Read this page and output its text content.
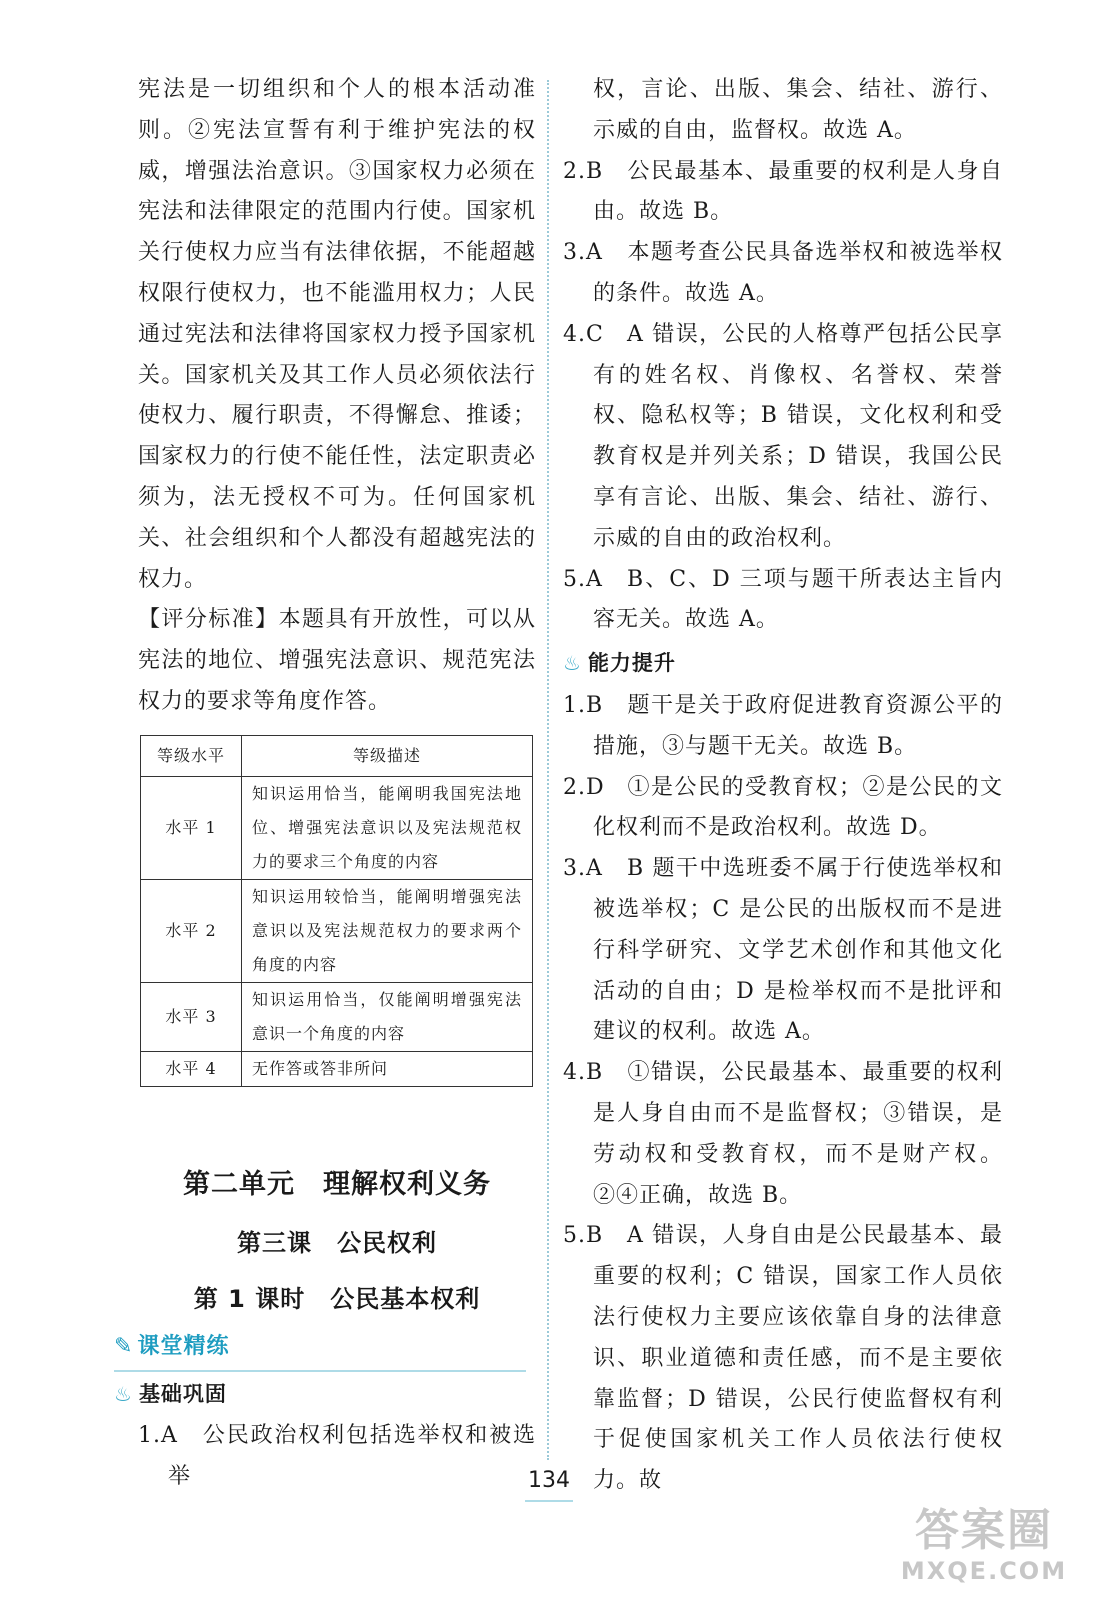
宪法是一切组织和个人的根本活动准则。②宪法宣誓有利于维护宪法的权威，增强法治意识。③国家权力必须在宪法和法律限定的范围内行使。国家机关行使权力应当有法律依据，不能超越权限行使权力，也不能滥用权力；人民通过宪法和法律将国家权力授予国家机关。国家机关及其工作人员必须依法行使权力、履行职责，不得懈怠、推诿；国家权力的行使不能任性，法定职责必须为，法无授权不可为。任何国家机关、社会组织和个人都没有超越宪法的权力。

【评分标准】本题具有开放性，可以从宪法的地位、增强宪法意识、规范宪法权力的要求等角度作答。

等级水平	等级描述
水平 1	知识运用恰当，能阐明我国宪法地位、增强宪法意识以及宪法规范权力的要求三个角度的内容
水平 2	知识运用较恰当，能阐明增强宪法意识以及宪法规范权力的要求两个角度的内容
水平 3	知识运用恰当，仅能阐明增强宪法意识一个角度的内容
水平 4	无作答或答非所问
第二单元　理解权利义务
第三课　公民权利
第 1 课时　公民基本权利
✎ 课堂精练
♨ 基础巩固

1.A 公民政治权利包括选举权和被选举

权，言论、出版、集会、结社、游行、示威的自由，监督权。故选 A。

2.B 公民最基本、最重要的权利是人身自由。故选 B。

3.A 本题考查公民具备选举权和被选举权的条件。故选 A。

4.C A 错误，公民的人格尊严包括公民享有的姓名权、肖像权、名誉权、荣誉权、隐私权等；B 错误，文化权利和受教育权是并列关系；D 错误，我国公民享有言论、出版、集会、结社、游行、示威的自由的政治权利。

5.A B、C、D 三项与题干所表达主旨内容无关。故选 A。

♨ 能力提升

1.B 题干是关于政府促进教育资源公平的措施，③与题干无关。故选 B。

2.D ①是公民的受教育权；②是公民的文化权利而不是政治权利。故选 D。

3.A B 题干中选班委不属于行使选举权和被选举权；C 是公民的出版权而不是进行科学研究、文学艺术创作和其他文化活动的自由；D 是检举权而不是批评和建议的权利。故选 A。

4.B ①错误，公民最基本、最重要的权利是人身自由而不是监督权；③错误，是劳动权和受教育权，而不是财产权。②④正确，故选 B。

5.B A 错误，人身自由是公民最基本、最重要的权利；C 错误，国家工作人员依法行使权力主要应该依靠自身的法律意识、职业道德和责任感，而不是主要依靠监督；D 错误，公民行使监督权有利于促使国家机关工作人员依法行使权力。故

134
答案圈
MXQE.COM
